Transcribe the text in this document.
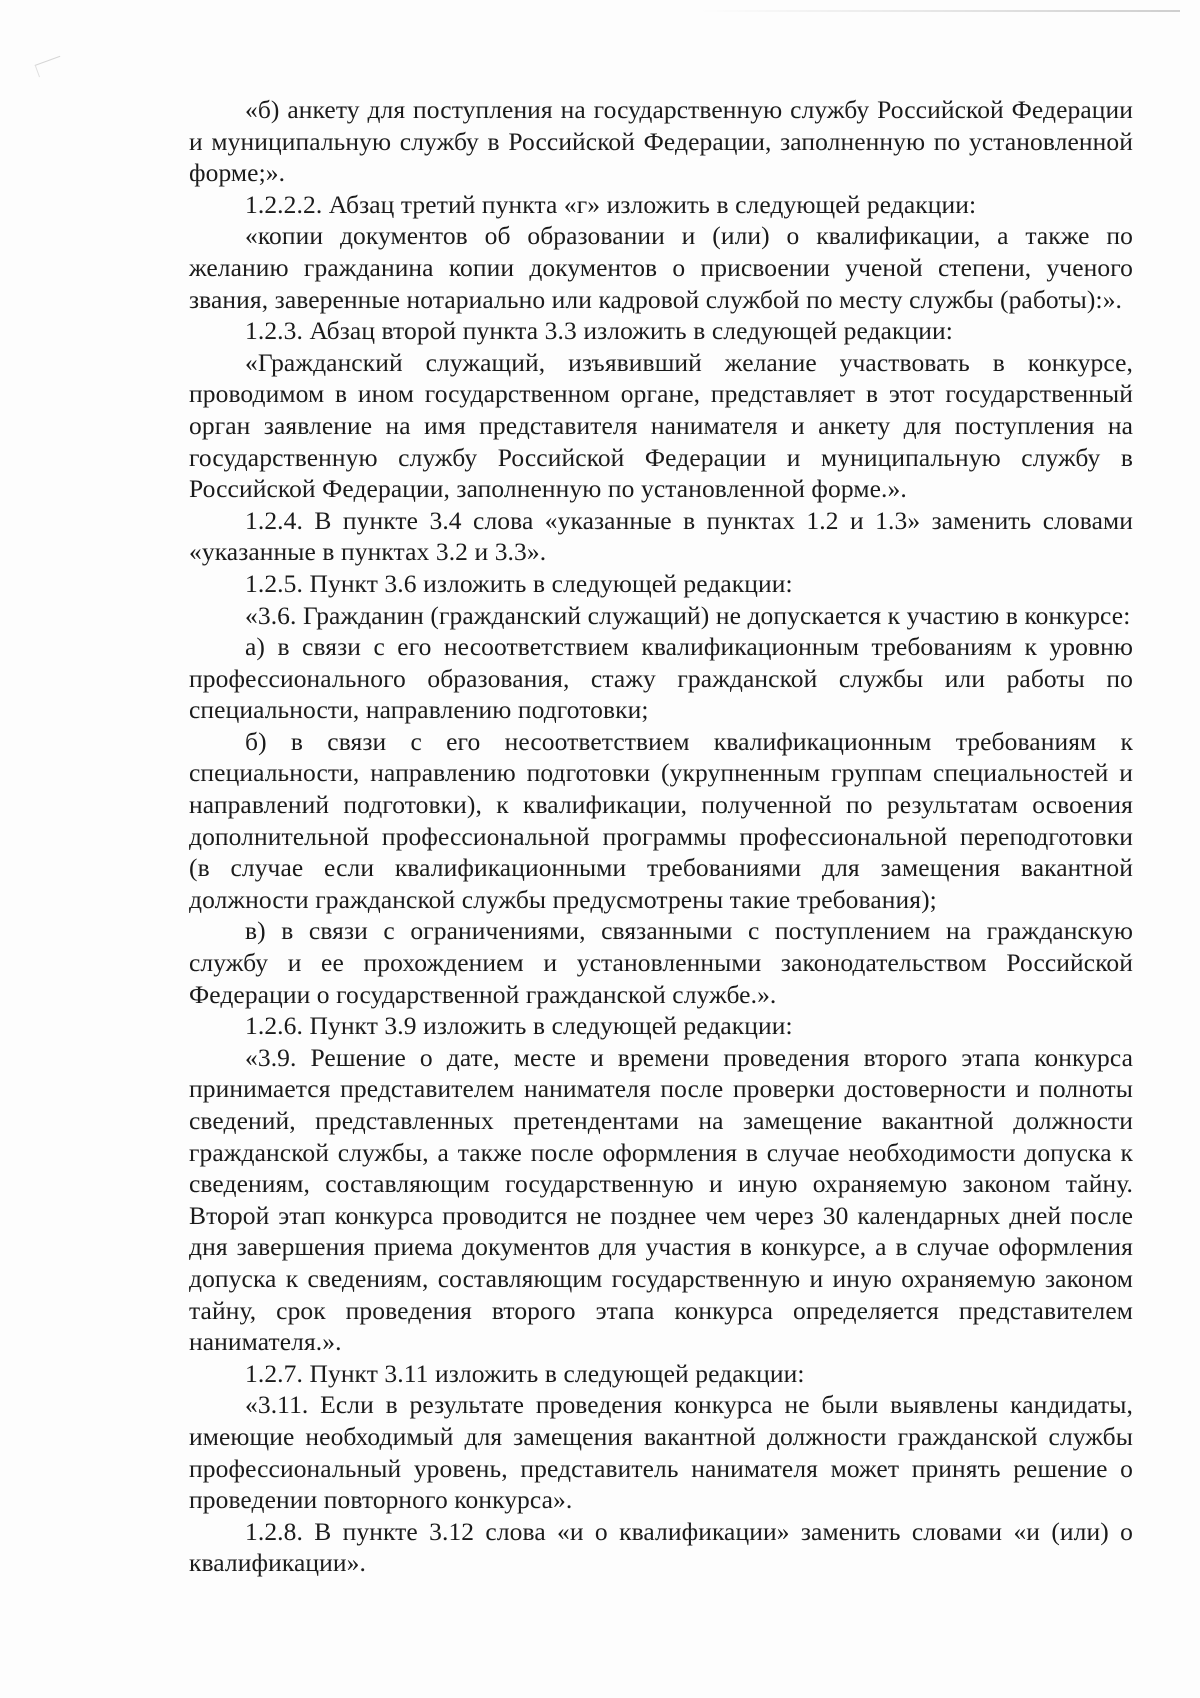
«б) анкету для поступления на государственную службу Российской Федерации и муниципальную службу в Российской Федерации, заполненную по установленной форме;».

1.2.2.2. Абзац третий пункта «г» изложить в следующей редакции:

«копии документов об образовании и (или) о квалификации, а также по желанию гражданина копии документов о присвоении ученой степени, ученого звания, заверенные нотариально или кадровой службой по месту службы (работы):».

1.2.3. Абзац второй пункта 3.3 изложить в следующей редакции:

«Гражданский служащий, изъявивший желание участвовать в конкурсе, проводимом в ином государственном органе, представляет в этот государственный орган заявление на имя представителя нанимателя и анкету для поступления на государственную службу Российской Федерации и муниципальную службу в Российской Федерации, заполненную по установленной форме.».

1.2.4. В пункте 3.4 слова «указанные в пунктах 1.2 и 1.3» заменить словами «указанные в пунктах 3.2 и 3.3».

1.2.5. Пункт 3.6 изложить в следующей редакции:

«3.6. Гражданин (гражданский служащий) не допускается к участию в конкурсе:

а) в связи с его несоответствием квалификационным требованиям к уровню профессионального образования, стажу гражданской службы или работы по специальности, направлению подготовки;

б) в связи с его несоответствием квалификационным требованиям к специальности, направлению подготовки (укрупненным группам специальностей и направлений подготовки), к квалификации, полученной по результатам освоения дополнительной профессиональной программы профессиональной переподготовки (в случае если квалификационными требованиями для замещения вакантной должности гражданской службы предусмотрены такие требования);

в) в связи с ограничениями, связанными с поступлением на гражданскую службу и ее прохождением и установленными законодательством Российской Федерации о государственной гражданской службе.».

1.2.6. Пункт 3.9 изложить в следующей редакции:

«3.9. Решение о дате, месте и времени проведения второго этапа конкурса принимается представителем нанимателя после проверки достоверности и полноты сведений, представленных претендентами на замещение вакантной должности гражданской службы, а также после оформления в случае необходимости допуска к сведениям, составляющим государственную и иную охраняемую законом тайну. Второй этап конкурса проводится не позднее чем через 30 календарных дней после дня завершения приема документов для участия в конкурсе, а в случае оформления допуска к сведениям, составляющим государственную и иную охраняемую законом тайну, срок проведения второго этапа конкурса определяется представителем нанимателя.».

1.2.7. Пункт 3.11 изложить в следующей редакции:

«3.11. Если в результате проведения конкурса не были выявлены кандидаты, имеющие необходимый для замещения вакантной должности гражданской службы профессиональный уровень, представитель нанимателя может принять решение о проведении повторного конкурса».

1.2.8. В пункте 3.12 слова «и о квалификации» заменить словами «и (или) о квалификации».
